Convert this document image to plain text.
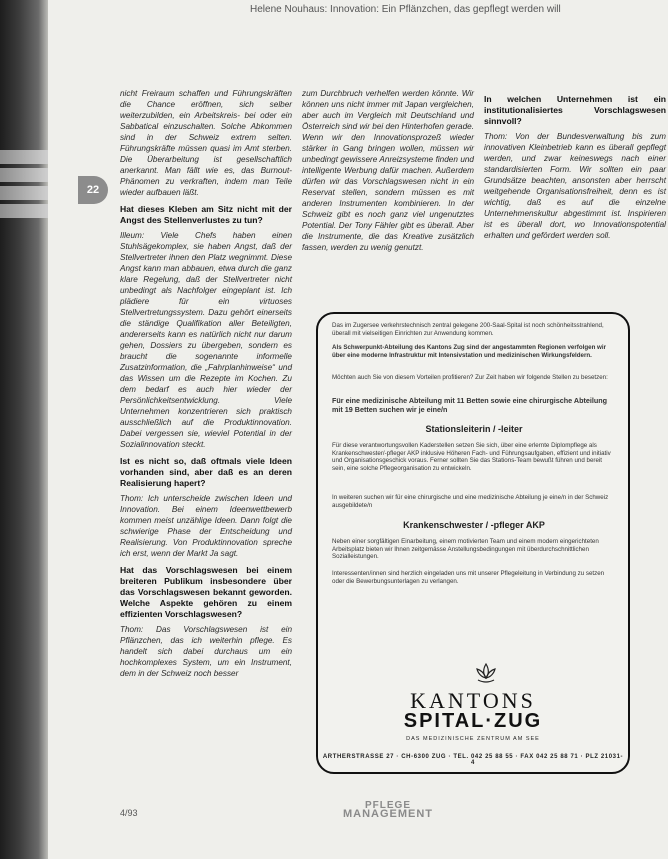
Helene Nouhaus: Innovation: Ein Pflänzchen, das gepflegt werden will
22

nicht Freiraum schaffen und Führungskräften die Chance eröffnen, sich selber weiterzubilden, ein Arbeitskreis- bei oder ein Sabbatical einzuschalten. Solche Abkommen sind in der Schweiz extrem selten. Führungskräfte müssen quasi im Amt sterben. Die Überarbeitung ist gesellschaftlich anerkannt. Man fällt wie es, das Burnout-Phänomen zu verkraften, indem man Teile wieder aufbauen läßt.

Hat dieses Kleben am Sitz nicht mit der Angst des Stellenverlustes zu tun?

Illeum: Viele Chefs haben einen Stuhlsägekomplex, sie haben Angst, daß der Stellvertreter ihnen den Platz wegnimmt. Diese Angst kann man abbauen, etwa durch die ganz klare Regelung, daß der Stellvertreter nicht unbedingt als Nachfolger eingeplant ist. Ich plädiere für ein virtuoses Stellvertretungssystem. Dazu gehört einerseits die ständige Qualifikation aller Beteiligten, andererseits kann es natürlich nicht nur darum gehen, Dossiers zu übergeben, sondern es braucht die sogenannte informelle Zusatzinformation, die „Fahrplanhinweise“ und das Wissen um die Rezepte im Kochen. Zu dem bedarf es auch hier wieder der Persönlichkeitsentwicklung. Viele Unternehmen konzentrieren sich praktisch ausschließlich auf die Produktinnovation. Dabei vergessen sie, wieviel Potential in der Sozialinnovation steckt.

Ist es nicht so, daß oftmals viele Ideen vorhanden sind, aber daß es an deren Realisierung hapert?

Thom: Ich unterscheide zwischen Ideen und Innovation. Bei einem Ideenwettbewerb kommen meist unzählige Ideen. Dann folgt die schwierige Phase der Entscheidung und Realisierung. Von Produktinnovation spreche ich erst, wenn der Markt Ja sagt.

Hat das Vorschlagswesen bei einem breiteren Publikum insbesondere über das Vorschlagswesen bekannt geworden. Welche Aspekte gehören zu einem effizienten Vorschlagswesen?

Thom: Das Vorschlagswesen ist ein Pflänzchen, das ich weiterhin pflege. Es handelt sich dabei durchaus um ein hochkomplexes System, um ein Instrument, dem in der Schweiz noch besser

zum Durchbruch verhelfen werden könnte. Wir können uns nicht immer mit Japan vergleichen, aber auch im Vergleich mit Deutschland und Österreich sind wir bei den Hinterhofen gerade. Wenn wir den Innovationsprozeß wieder stärker in Gang bringen wollen, müssen wir unbedingt gewissere Anreizsysteme finden und intelligente Werbung dafür machen. Außerdem dürfen wir das Vorschlagswesen nicht in ein Reservat stellen, sondern müssen es mit anderen Instrumenten kombinieren. In der Schweiz gibt es noch ganz viel ungenutztes Potential. Der Tony Fähler gibt es überall. Aber die Instrumente, die das Kreative zusätzlich fassen, werden zu wenig genutzt.

In welchen Unternehmen ist ein institutionalisiertes Vorschlagswesen sinnvoll?

Thom: Von der Bundesverwaltung bis zum innovativen Kleinbetrieb kann es überall gepflegt werden, und zwar keineswegs nach einer standardisierten Form. Wir sollten ein paar Grundsätze beachten, ansonsten aber herrscht weitgehende Organisationsfreiheit, denn es ist wichtig, daß es auf die einzelne Unternehmenskultur abgestimmt ist. Inspirieren ist es überall dort, wo Innovationspotential erhalten und gefördert werden soll.

Das im Zugersee verkehrstechnisch zentral gelegene 200-Saal-Spital ist noch schönheitsstrahlend, überall mit vielseitigen Einrichten zur Anwendung kommen.
Als Schwerpunkt-Abteilung des Kantons Zug sind der angestammten Regionen verfolgen wir über eine moderne Infrastruktur mit Intensivstation und medizinischen Wirkungsfeldern.
Möchten auch Sie von diesem Vorteilen profitieren? Zur Zeit haben wir folgende Stellen zu besetzen:
Für eine medizinische Abteilung mit 11 Betten sowie eine chirurgische Abteilung mit 19 Betten suchen wir je eine/n
Stationsleiterin / -leiter
Für diese verantwortungsvollen Kaderstellen setzen Sie sich, über eine erlernte Diplompflege als Krankenschwester/-pfleger AKP inklusive Höheren Fach- und Führungsaufgaben, effizient und initiativ und Organisationsgeschick voraus. Ferner sollten Sie das Stations-Team bewußt führen und bereit sein, eine solche Pflegeorganisation zu entwickeln.
In weiteren suchen wir für eine chirurgische und eine medizinische Abteilung je eine/n in der Schweiz ausgebildete/n
Krankenschwester / -pfleger AKP
Neben einer sorgfältigen Einarbeitung, einem motivierten Team und einem modern eingerichteten Arbeitsplatz bieten wir Ihnen zeitgemässe Anstellungsbedingungen mit überdurchschnittlichen Sozialleistungen.
Interessenten/innen sind herzlich eingeladen uns mit unserer Pflegeleitung in Verbindung zu setzen oder die Bewerbungsunterlagen zu verlangen.
KANTONS
SPITAL·ZUG
DAS MEDIZINISCHE ZENTRUM AM SEE
ARTHERSTRASSE 27 · CH-6300 ZUG · TEL. 042 25 88 55 · FAX 042 25 88 71 · PLZ 21031-4
4/93
PFLEGE
MANAGEMENT
